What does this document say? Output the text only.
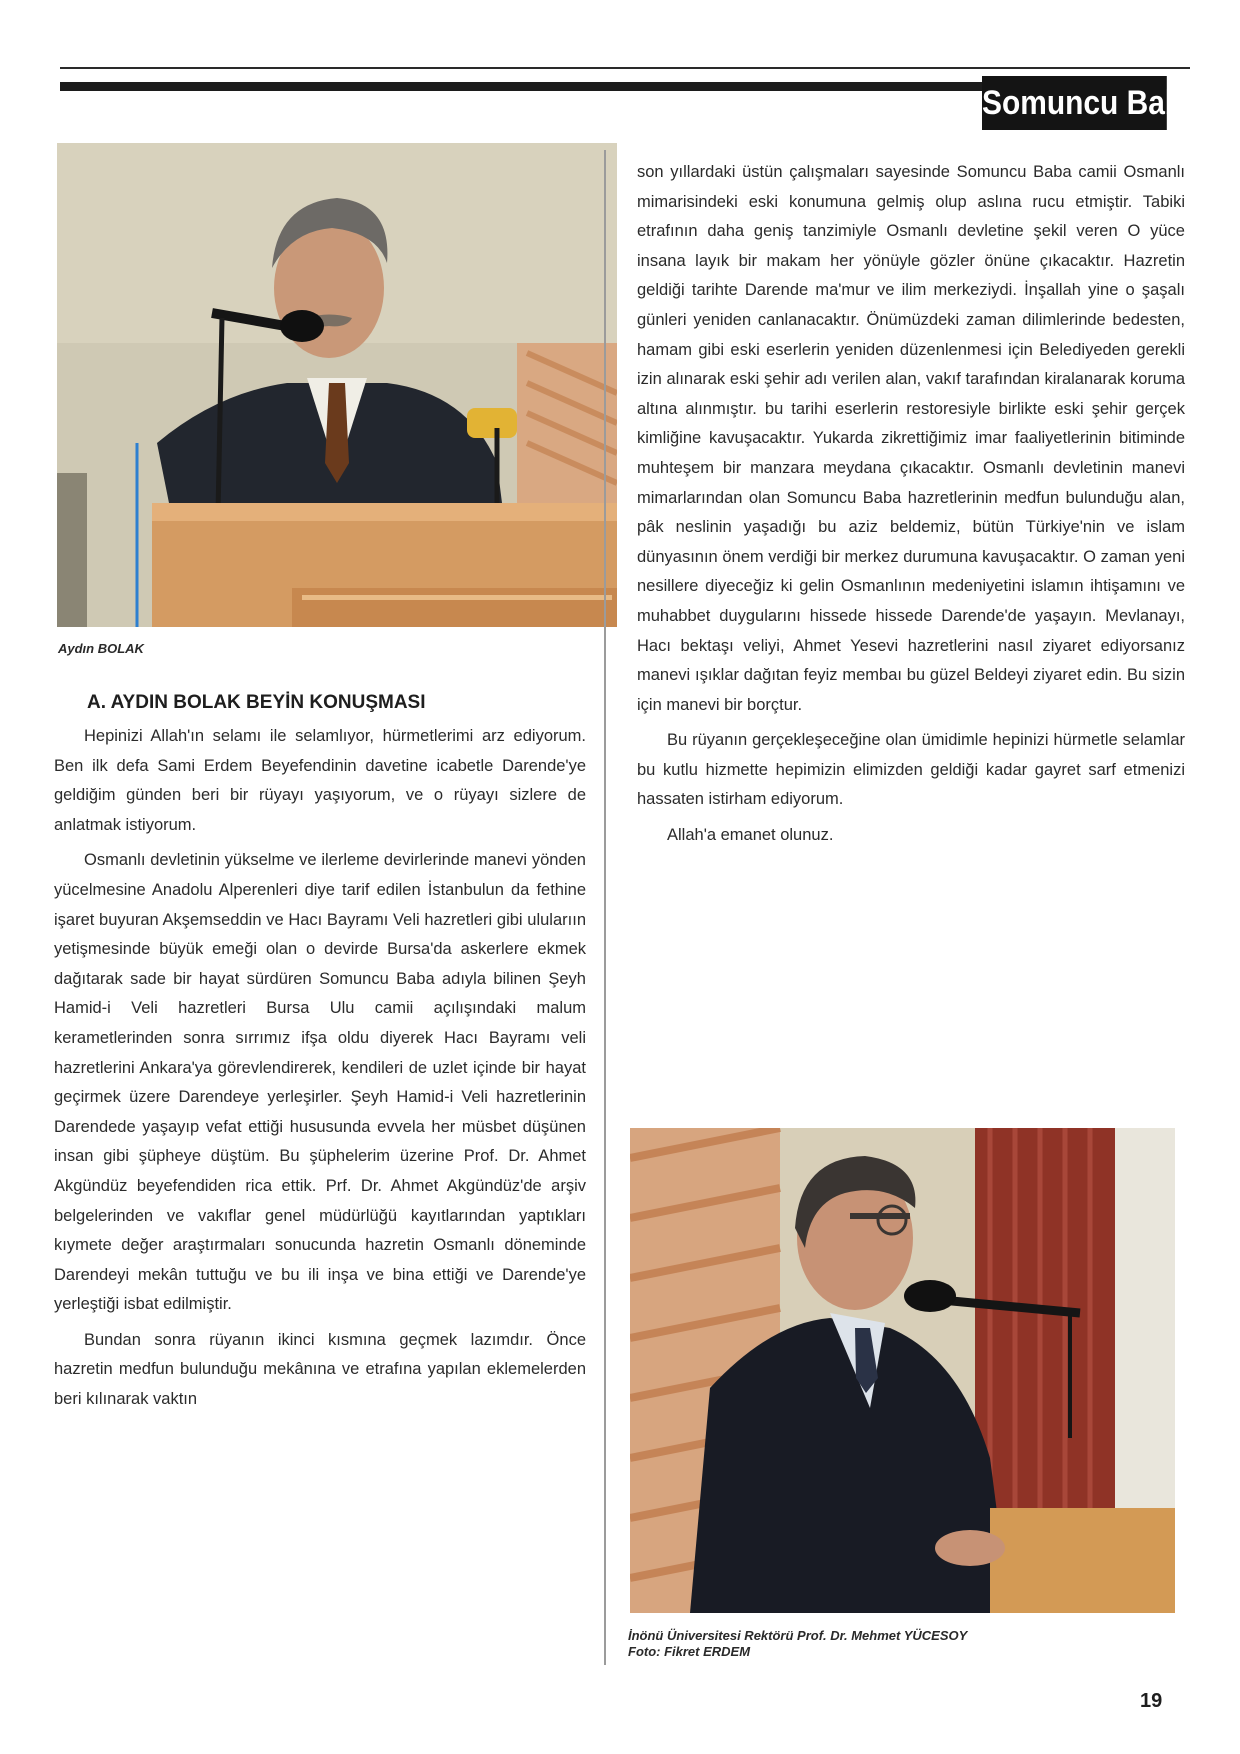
Somuncu Baba
Aydın BOLAK
A. AYDIN BOLAK BEYİN KONUŞMASI

Hepinizi Allah'ın selamı ile selamlıyor, hürmetlerimi arz ediyorum. Ben ilk defa Sami Erdem Beyefendinin davetine icabetle Darende'ye geldiğim günden beri bir rüyayı yaşıyorum, ve o rüyayı sizlere de anlatmak istiyorum.

Osmanlı devletinin yükselme ve ilerleme devirlerinde manevi yönden yücelmesine Anadolu Alperenleri diye tarif edilen İstanbulun da fethine işaret buyuran Akşemseddin ve Hacı Bayramı Veli hazretleri gibi ulularıın yetişmesinde büyük emeği olan o devirde Bursa'da askerlere ekmek dağıtarak sade bir hayat sürdüren Somuncu Baba adıyla bilinen Şeyh Hamid-i Veli hazretleri Bursa Ulu camii açılışındaki malum kerametlerinden sonra sırrımız ifşa oldu diyerek Hacı Bayramı veli hazretlerini Ankara'ya görevlendirerek, kendileri de uzlet içinde bir hayat geçirmek üzere Darendeye yerleşirler. Şeyh Hamid-i Veli hazretlerinin Darendede yaşayıp vefat ettiği hususunda evvela her müsbet düşünen insan gibi şüpheye düştüm. Bu şüphelerim üzerine Prof. Dr. Ahmet Akgündüz beyefendiden rica ettik. Prf. Dr. Ahmet Akgündüz'de arşiv belgelerinden ve vakıflar genel müdürlüğü kayıtlarından yaptıkları kıymete değer araştırmaları sonucunda hazretin Osmanlı döneminde Darendeyi mekân tuttuğu ve bu ili inşa ve bina ettiği ve Darende'ye yerleştiği isbat edilmiştir.

Bundan sonra rüyanın ikinci kısmına geçmek lazımdır. Önce hazretin medfun bulunduğu mekânına ve etrafına yapılan eklemelerden beri kılınarak vaktın

son yıllardaki üstün çalışmaları sayesinde Somuncu Baba camii Osmanlı mimarisindeki eski konumuna gelmiş olup aslına rucu etmiştir. Tabiki etrafının daha geniş tanzimiyle Osmanlı devletine şekil veren O yüce insana layık bir makam her yönüyle gözler önüne çıkacaktır. Hazretin geldiği tarihte Darende ma'mur ve ilim merkeziydi. İnşallah yine o şaşalı günleri yeniden canlanacaktır. Önümüzdeki zaman dilimlerinde bedesten, hamam gibi eski eserlerin yeniden düzenlenmesi için Belediyeden gerekli izin alınarak eski şehir adı verilen alan, vakıf tarafından kiralanarak koruma altına alınmıştır. bu tarihi eserlerin restoresiyle birlikte eski şehir gerçek kimliğine kavuşacaktır. Yukarda zikrettiğimiz imar faaliyetlerinin bitiminde muhteşem bir manzara meydana çıkacaktır. Osmanlı devletinin manevi mimarlarından olan Somuncu Baba hazretlerinin medfun bulunduğu alan, pâk neslinin yaşadığı bu aziz beldemiz, bütün Türkiye'nin ve islam dünyasının önem verdiği bir merkez durumuna kavuşacaktır. O zaman yeni nesillere diyeceğiz ki gelin Osmanlının medeniyetini islamın ihtişamını ve muhabbet duygularını hissede hissede Darende'de yaşayın. Mevlanayı, Hacı bektaşı veliyi, Ahmet Yesevi hazretlerini nasıl ziyaret ediyorsanız manevi ışıklar dağıtan feyiz membaı bu güzel Beldeyi ziyaret edin. Bu sizin için manevi bir borçtur.

Bu rüyanın gerçekleşeceğine olan ümidimle hepinizi hürmetle selamlar bu kutlu hizmette hepimizin elimizden geldiği kadar gayret sarf etmenizi hassaten istirham ediyorum.

Allah'a emanet olunuz.

İnönü Üniversitesi Rektörü Prof. Dr. Mehmet YÜCESOY
Foto: Fikret ERDEM
19
